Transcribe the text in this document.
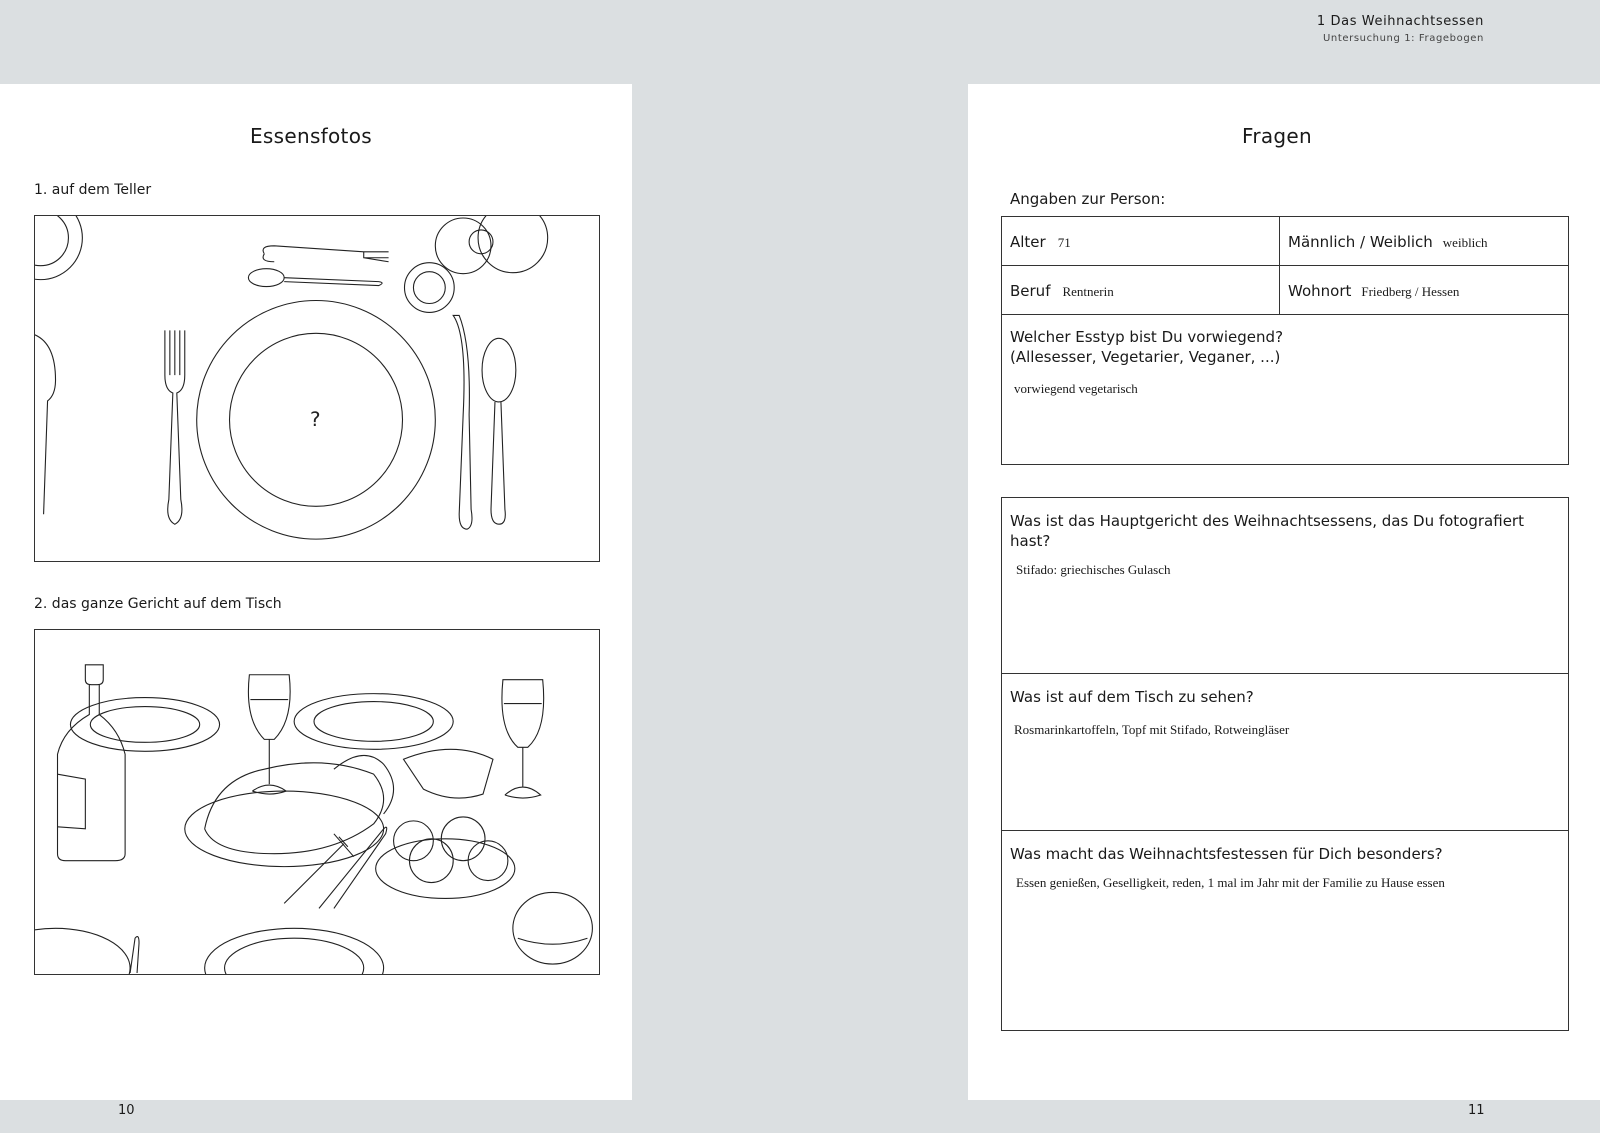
1 Das Weihnachtsessen
Untersuchung 1: Fragebogen
Essensfotos
1. auf dem Teller
?
2. das ganze Gericht auf dem Tisch
10
Fragen
Angaben zur Person:
Alter 71	Männlich / Weiblich weiblich
Beruf Rentnerin	Wohnort Friedberg / Hessen
Welcher Esstyp bist Du vorwiegend?
(Allesesser, Vegetarier, Veganer, ...)
vorwiegend vegetarisch
Was ist das Hauptgericht des Weihnachtsessens, das Du fotografiert hast?
Stifado: griechisches Gulasch
Was ist auf dem Tisch zu sehen?
Rosmarinkartoffeln, Topf mit Stifado, Rotweingläser
Was macht das Weihnachtsfestessen für Dich besonders?
Essen genießen, Geselligkeit, reden, 1 mal im Jahr mit der Familie zu Hause essen
11
